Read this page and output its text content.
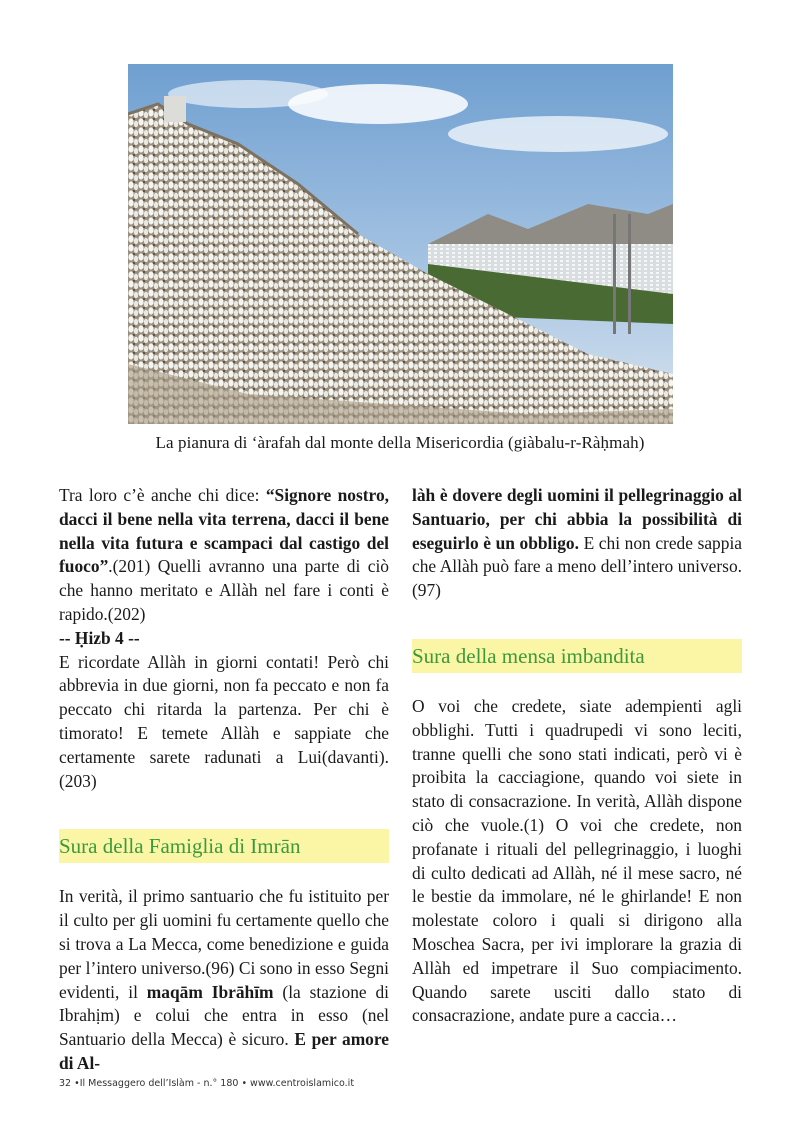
La pianura di ‘àrafah dal monte della Misericordia (giàbalu-r-Ràḥmah)

Tra loro c’è anche chi dice: “Signore nostro, dacci il bene nella vita terrena, dacci il bene nella vita futura e scampaci dal castigo del fuoco”.(201) Quelli avranno una parte di ciò che hanno meritato e Allàh nel fare i conti è rapido.(202)

-- Ḥizb 4 --

E ricordate Allàh in giorni contati! Però chi abbrevia in due giorni, non fa peccato e non fa peccato chi ritarda la partenza. Per chi è timorato! E temete Allàh e sappiate che certamente sarete radunati a Lui(davanti). (203)

Sura della Famiglia di Imrān

In verità, il primo santuario che fu istituito per il culto per gli uomini fu certamente quello che si trova a La Mecca, come benedizione e guida per l’intero universo.(96) Ci sono in esso Segni evidenti, il maqām Ibrāhīm (la stazione di Ibrahịm) e colui che entra in esso (nel Santuario della Mecca) è sicuro. E per amore di Al-

làh è dovere degli uomini il pellegrinaggio al Santuario, per chi abbia la possibilità di eseguirlo è un obbligo. E chi non crede sappia che Allàh può fare a meno dell’intero universo.(97)

Sura della mensa imbandita

O voi che credete, siate adempienti agli obblighi. Tutti i quadrupedi vi sono leciti, tranne quelli che sono stati indicati, però vi è proibita la cacciagione, quando voi siete in stato di consacrazione. In verità, Allàh dispone ciò che vuole.(1) O voi che credete, non profanate i rituali del pellegrinaggio, i luoghi di culto dedicati ad Allàh, né il mese sacro, né le bestie da immolare, né le ghirlande! E non molestate coloro i quali si dirigono alla Moschea Sacra, per ivi implorare la grazia di Allàh ed impetrare il Suo compiacimento. Quando sarete usciti dallo stato di consacrazione, andate pure a caccia…

32 •Il Messaggero dell’Islàm - n.° 180 • www.centroislamico.it
